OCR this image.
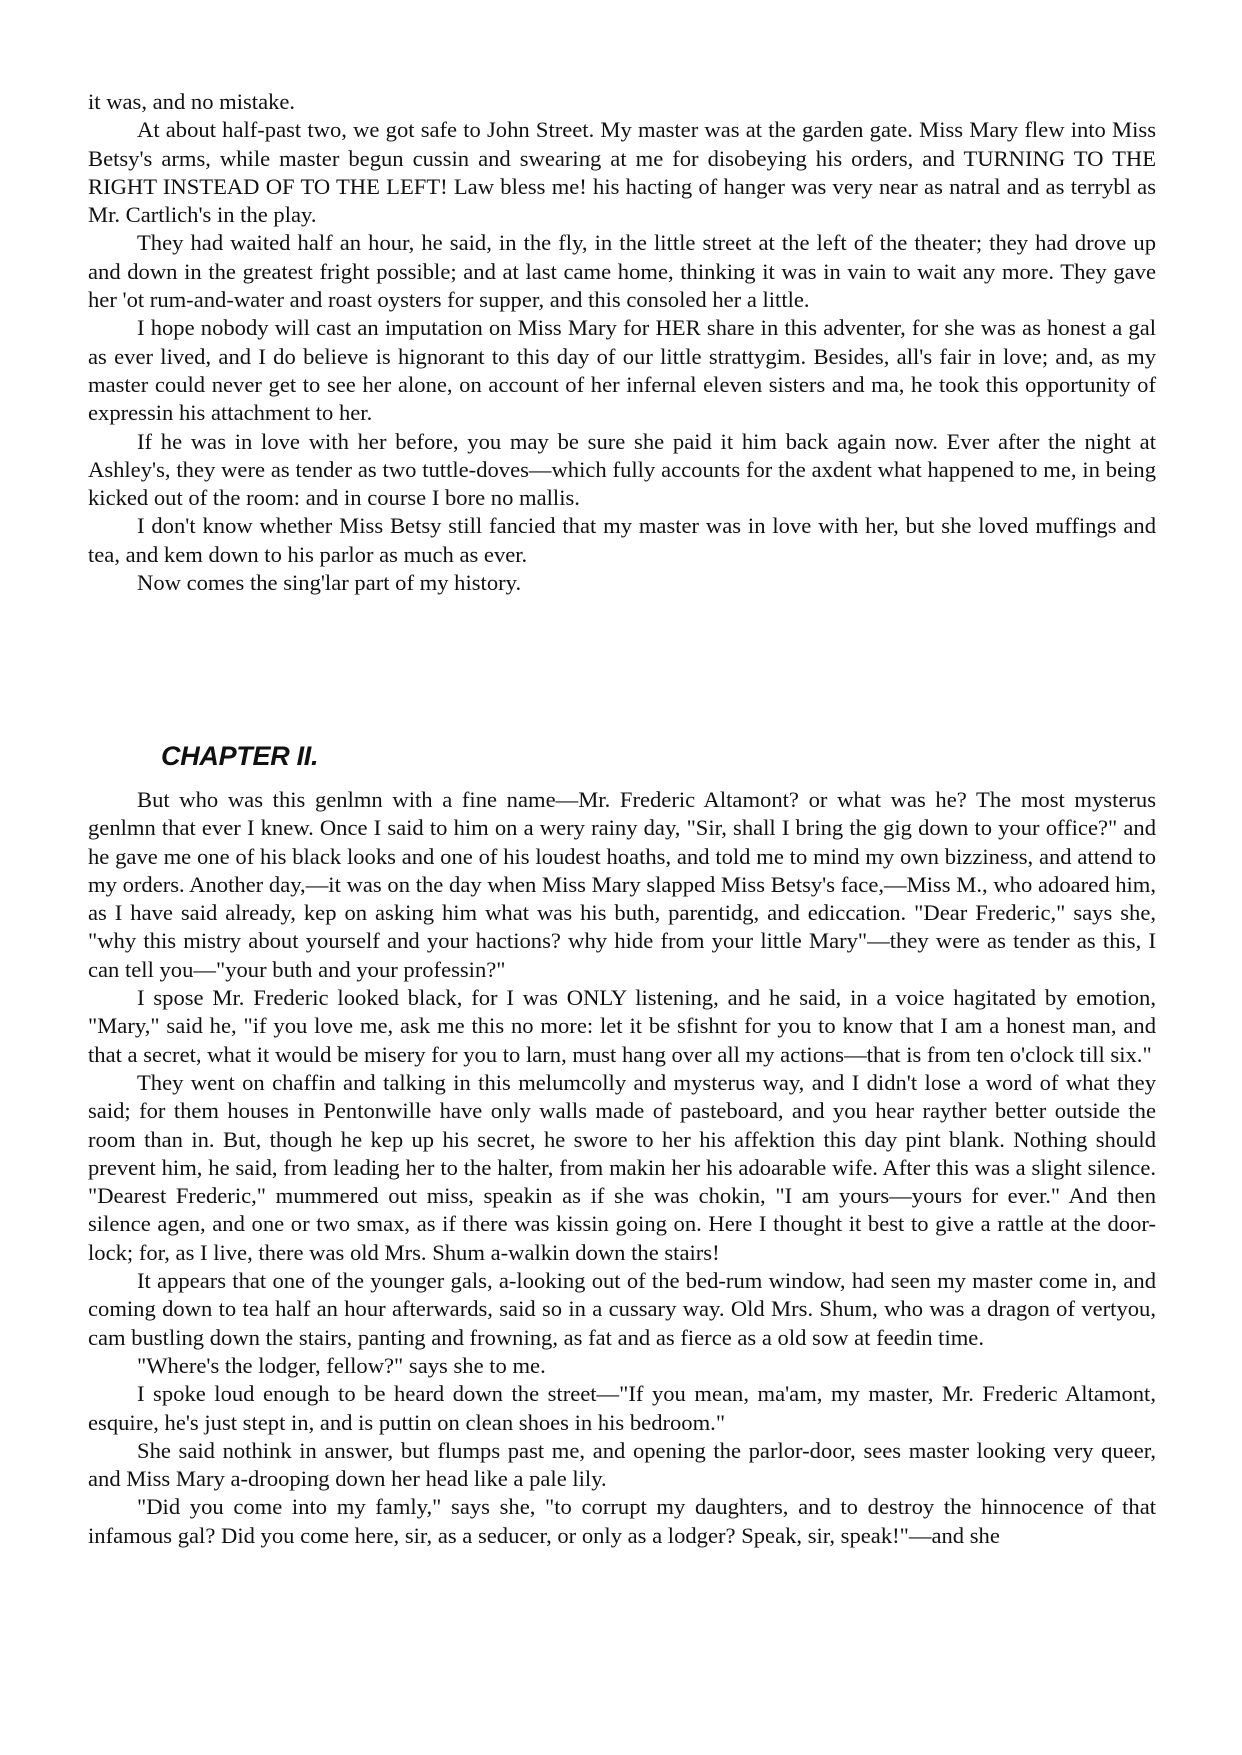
it was, and no mistake.

At about half-past two, we got safe to John Street. My master was at the garden gate. Miss Mary flew into Miss Betsy's arms, while master begun cussin and swearing at me for disobeying his orders, and TURNING TO THE RIGHT INSTEAD OF TO THE LEFT! Law bless me! his hacting of hanger was very near as natral and as terrybl as Mr. Cartlich's in the play.

They had waited half an hour, he said, in the fly, in the little street at the left of the theater; they had drove up and down in the greatest fright possible; and at last came home, thinking it was in vain to wait any more. They gave her 'ot rum-and-water and roast oysters for supper, and this consoled her a little.

I hope nobody will cast an imputation on Miss Mary for HER share in this adventer, for she was as honest a gal as ever lived, and I do believe is hignorant to this day of our little strattygim. Besides, all's fair in love; and, as my master could never get to see her alone, on account of her infernal eleven sisters and ma, he took this opportunity of expressin his attachment to her.

If he was in love with her before, you may be sure she paid it him back again now. Ever after the night at Ashley's, they were as tender as two tuttle-doves—which fully accounts for the axdent what happened to me, in being kicked out of the room: and in course I bore no mallis.

I don't know whether Miss Betsy still fancied that my master was in love with her, but she loved muffings and tea, and kem down to his parlor as much as ever.

Now comes the sing'lar part of my history.

CHAPTER II.

But who was this genlmn with a fine name—Mr. Frederic Altamont? or what was he? The most mysterus genlmn that ever I knew. Once I said to him on a wery rainy day, "Sir, shall I bring the gig down to your office?" and he gave me one of his black looks and one of his loudest hoaths, and told me to mind my own bizziness, and attend to my orders. Another day,—it was on the day when Miss Mary slapped Miss Betsy's face,—Miss M., who adoared him, as I have said already, kep on asking him what was his buth, parentidg, and ediccation. "Dear Frederic," says she, "why this mistry about yourself and your hactions? why hide from your little Mary"—they were as tender as this, I can tell you—"your buth and your professin?"

I spose Mr. Frederic looked black, for I was ONLY listening, and he said, in a voice hagitated by emotion, "Mary," said he, "if you love me, ask me this no more: let it be sfishnt for you to know that I am a honest man, and that a secret, what it would be misery for you to larn, must hang over all my actions—that is from ten o'clock till six."

They went on chaffin and talking in this melumcolly and mysterus way, and I didn't lose a word of what they said; for them houses in Pentonwille have only walls made of pasteboard, and you hear rayther better outside the room than in. But, though he kep up his secret, he swore to her his affektion this day pint blank. Nothing should prevent him, he said, from leading her to the halter, from makin her his adoarable wife. After this was a slight silence. "Dearest Frederic," mummered out miss, speakin as if she was chokin, "I am yours—yours for ever." And then silence agen, and one or two smax, as if there was kissin going on. Here I thought it best to give a rattle at the door-lock; for, as I live, there was old Mrs. Shum a-walkin down the stairs!

It appears that one of the younger gals, a-looking out of the bed-rum window, had seen my master come in, and coming down to tea half an hour afterwards, said so in a cussary way. Old Mrs. Shum, who was a dragon of vertyou, cam bustling down the stairs, panting and frowning, as fat and as fierce as a old sow at feedin time.

"Where's the lodger, fellow?" says she to me.

I spoke loud enough to be heard down the street—"If you mean, ma'am, my master, Mr. Frederic Altamont, esquire, he's just stept in, and is puttin on clean shoes in his bedroom."

She said nothink in answer, but flumps past me, and opening the parlor-door, sees master looking very queer, and Miss Mary a-drooping down her head like a pale lily.

"Did you come into my famly," says she, "to corrupt my daughters, and to destroy the hinnocence of that infamous gal? Did you come here, sir, as a seducer, or only as a lodger? Speak, sir, speak!"—and she
